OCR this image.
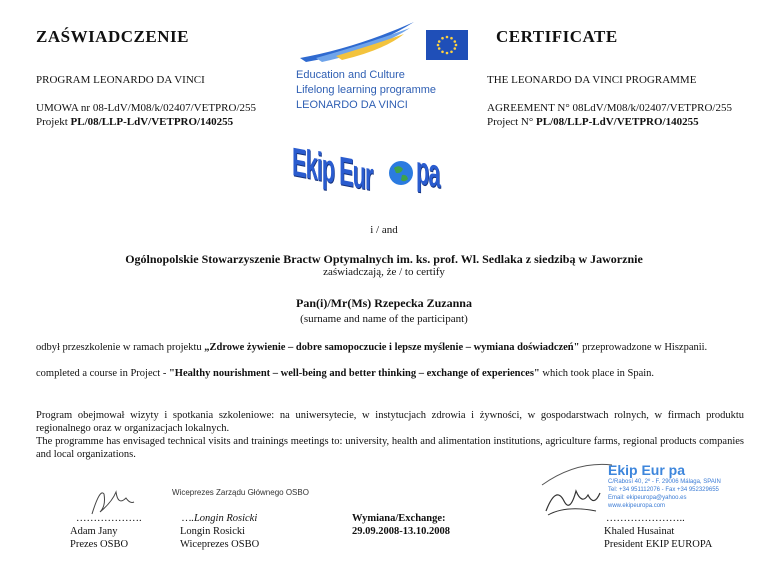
ZAŚWIADCZENIE
PROGRAM LEONARDO DA VINCI
UMOWA nr 08-LdV/M08/k/02407/VETPRO/255
Projekt PL/08/LLP-LdV/VETPRO/140255
CERTIFICATE
THE LEONARDO DA VINCI PROGRAMME
AGREEMENT N° 08LdV/M08/k/02407/VETPRO/255
Project N° PL/08/LLP-LdV/VETPRO/140255
Education and Culture
Lifelong learning programme
LEONARDO DA VINCI
Ekip Eur pa
i / and
Ogólnopolskie Stowarzyszenie Bractw Optymalnych im. ks. prof. Wl. Sedlaka z siedzibą w Jaworznie
zaświadczają, że / to certify
Pan(i)/Mr(Ms) Rzepecka Zuzanna
(surname and name of the participant)
odbył przeszkolenie w ramach projektu „Zdrowe żywienie – dobre samopoczucie i lepsze myślenie – wymiana doświadczeń" przeprowadzone w Hiszpanii.
completed a course in Project - "Healthy nourishment – well-being and better thinking – exchange of experiences" which took place in Spain.
Program obejmował wizyty i spotkania szkoleniowe: na uniwersytecie, w instytucjach zdrowia i żywności, w gospodarstwach rolnych, w firmach produktu regionalnego oraz w organizacjach lokalnych.
The programme has envisaged technical visits and trainings meetings to: university, health and alimentation institutions, agriculture farms, regional products companies and local organizations.
……………….
Adam Jany
Prezes OSBO
Wiceprezes Zarządu Głównego OSBO
….Longin Rosicki
Longin Rosicki
Wiceprezes OSBO
Wymiana/Exchange:
29.09.2008-13.10.2008
Ekip Eur pa
C/Rabosí 40, 2º - F. 29006 Málaga, SPAIN
Tel: +34 951112076 - Fax +34 952329655
Email: ekipeuropa@yahoo.es
www.ekipeuropa.com
…………………..
Khaled Husainat
President EKIP EUROPA
